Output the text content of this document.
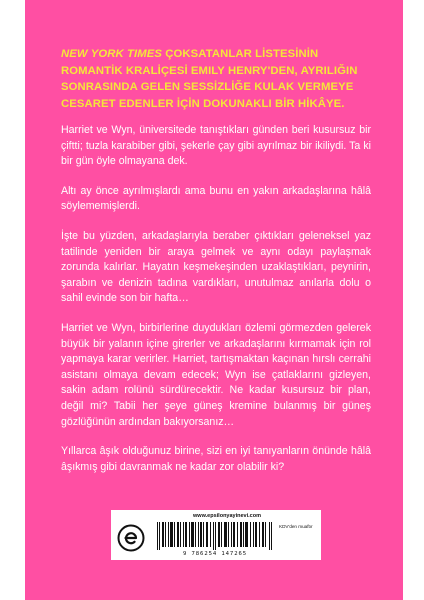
NEW YORK TIMES ÇOKSATANLAR LİSTESİNİN ROMANTİK KRALİÇESİ EMILY HENRY'DEN, AYRILIĞIN SONRASINDA GELEN SESSİZLİĞE KULAK VERMEYE CESARET EDENLER İÇİN DOKUNAKLI BİR HİKÂYE.

Harriet ve Wyn, üniversitede tanıştıkları günden beri kusursuz bir çiftti; tuzla karabiber gibi, şekerle çay gibi ayrılmaz bir ikiliydi. Ta ki bir gün öyle olmayana dek.

Altı ay önce ayrılmışlardı ama bunu en yakın arkadaşlarına hâlâ söylememişlerdi.

İşte bu yüzden, arkadaşlarıyla beraber çıktıkları geleneksel yaz tatilinde yeniden bir araya gelmek ve aynı odayı paylaşmak zorunda kalırlar. Hayatın keşmekeşinden uzaklaştıkları, peynirin, şarabın ve denizin tadına vardıkları, unutulmaz anılarla dolu o sahil evinde son bir hafta…

Harriet ve Wyn, birbirlerine duydukları özlemi görmezden gelerek büyük bir yalanın içine girerler ve arkadaşlarını kırmamak için rol yapmaya karar verirler. Harriet, tartışmaktan kaçınan hırslı cerrahi asistanı olmaya devam edecek; Wyn ise çatlaklarını gizleyen, sakin adam rolünü sürdürecektir. Ne kadar kusursuz bir plan, değil mi? Tabii her şeye güneş kremine bulanmış bir güneş gözlüğünün ardından bakıyorsanız…

Yıllarca âşık olduğunuz birine, sizi en iyi tanıyanların önünde hâlâ âşıkmış gibi davranmak ne kadar zor olabilir ki?

www.epsilonyayinevi.com
9 786254 147265
KDV'den muaftır
